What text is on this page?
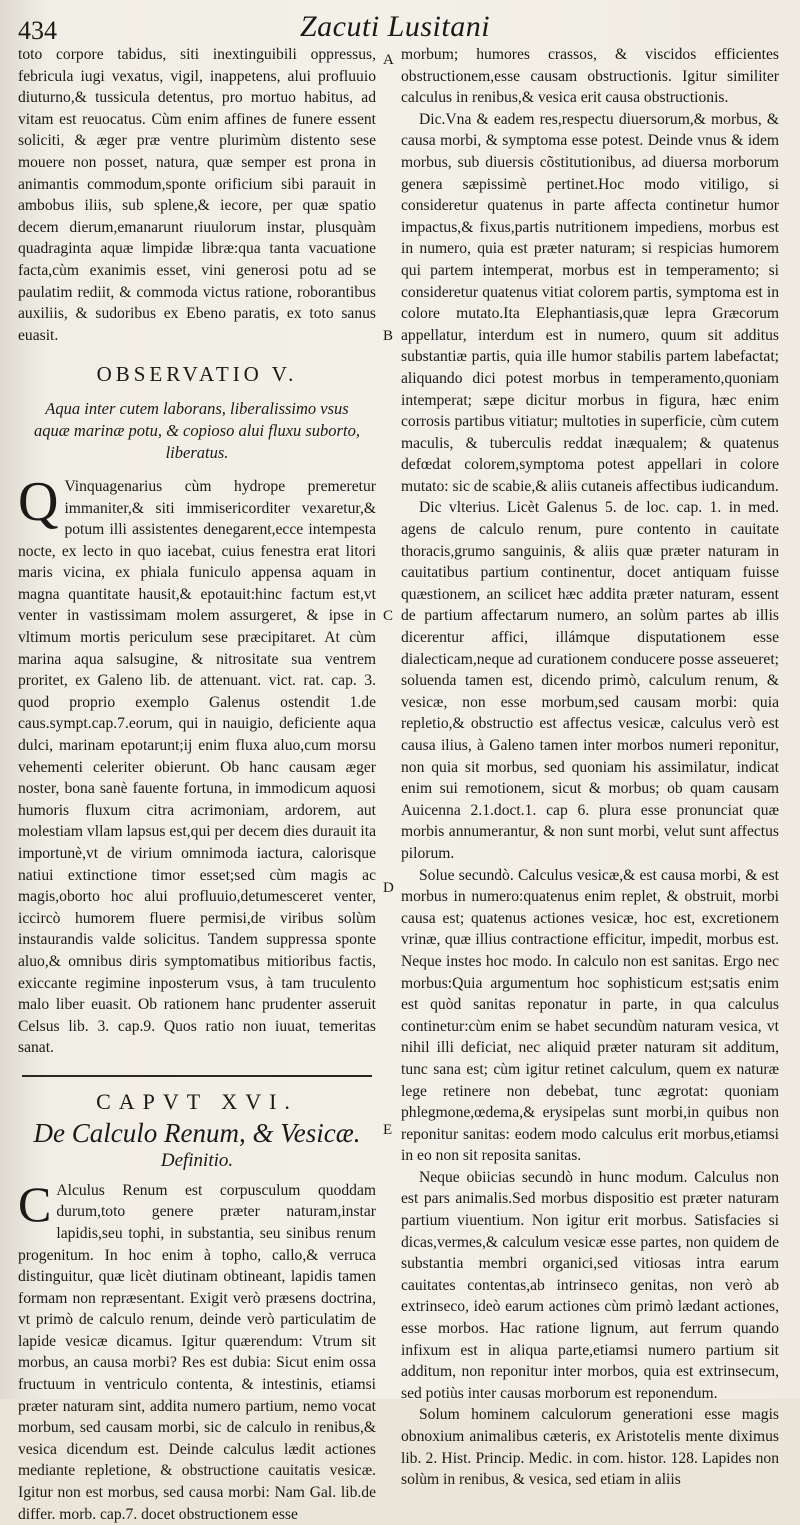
434	Zacuti Lusitani
A
B
C
D
E

toto corpore tabidus, siti inextinguibili oppressus, febricula iugi vexatus, vigil, inappetens, alui profluuio diuturno,& tussicula detentus, pro mortuo habitus, ad vitam est reuocatus. Cùm enim affines de funere essent soliciti, & æger præ ventre plurimùm distento sese mouere non posset, natura, quæ semper est prona in animantis commodum,sponte orificium sibi parauit in ambobus iliis, sub splene,& iecore, per quæ spatio decem dierum,emanarunt riuulorum instar, plusquàm quadraginta aquæ limpidæ libræ:qua tanta vacuatione facta,cùm exanimis esset, vini generosi potu ad se paulatim rediit, & commoda victus ratione, roborantibus auxiliis, & sudoribus ex Ebeno paratis, ex toto sanus euasit.

OBSERVATIO V.
Aqua inter cutem laborans, liberalissimo vsus aquæ marinæ potu, & copioso alui fluxu suborto, liberatus.

Q Vinquagenarius cùm hydrope premeretur immaniter,& siti immisericorditer vexaretur,& potum illi assistentes denegarent,ecce intempesta nocte, ex lecto in quo iacebat, cuius fenestra erat litori maris vicina, ex phiala funiculo appensa aquam in magna quantitate hausit,& epotauit:hinc factum est,vt venter in vastissimam molem assurgeret, & ipse in vltimum mortis periculum sese præcipitaret. At cùm marina aqua salsugine, & nitrositate sua ventrem proritet, ex Galeno lib. de attenuant. vict. rat. cap. 3. quod proprio exemplo Galenus ostendit 1.de caus.sympt.cap.7.eorum, qui in nauigio, deficiente aqua dulci, marinam epotarunt;ij enim fluxa aluo,cum morsu vehementi celeriter obierunt. Ob hanc causam æger noster, bona sanè fauente fortuna, in immodicum aquosi humoris fluxum citra acrimoniam, ardorem, aut molestiam vllam lapsus est,qui per decem dies durauit ita importunè,vt de virium omnimoda iactura, calorisque natiui extinctione timor esset;sed cùm magis ac magis,oborto hoc alui profluuio,detumesceret venter, iccircò humorem fluere permisi,de viribus solùm instaurandis valde solicitus. Tandem suppressa sponte aluo,& omnibus diris symptomatibus mitioribus factis, exiccante regimine inposterum vsus, à tam truculento malo liber euasit. Ob rationem hanc prudenter asseruit Celsus lib. 3. cap.9. Quos ratio non iuuat, temeritas sanat.

CAPVT XVI.
De Calculo Renum, & Vesicæ.
Definitio.

C Alculus Renum est corpusculum quoddam durum,toto genere præter naturam,instar lapidis,seu tophi, in substantia, seu sinibus renum progenitum. In hoc enim à topho, callo,& verruca distinguitur, quæ licèt diutinam obtineant, lapidis tamen formam non repræsentant. Exigit verò præsens doctrina, vt primò de calculo renum, deinde verò particulatim de lapide vesicæ dicamus. Igitur quærendum: Vtrum sit morbus, an causa morbi? Res est dubia: Sicut enim ossa fructuum in ventriculo contenta, & intestinis, etiamsi præter naturam sint, addita numero partium, nemo vocat morbum, sed causam morbi, sic de calculo in renibus,& vesica dicendum est. Deinde calculus lædit actiones mediante repletione, & obstructione cauitatis vesicæ. Igitur non est morbus, sed causa morbi: Nam Gal. lib.de differ. morb. cap.7. docet obstructionem esse

morbum; humores crassos, & viscidos efficientes obstructionem,esse causam obstructionis. Igitur similiter calculus in renibus,& vesica erit causa obstructionis.

Dic.Vna & eadem res,respectu diuersorum,& morbus, & causa morbi, & symptoma esse potest. Deinde vnus & idem morbus, sub diuersis cõstitutionibus, ad diuersa morborum genera sæpissimè pertinet.Hoc modo vitiligo, si consideretur quatenus in parte affecta continetur humor impactus,& fixus,partis nutritionem impediens, morbus est in numero, quia est præter naturam; si respicias humorem qui partem intemperat, morbus est in temperamento; si consideretur quatenus vitiat colorem partis, symptoma est in colore mutato.Ita Elephantiasis,quæ lepra Græcorum appellatur, interdum est in numero, quum sit additus substantiæ partis, quia ille humor stabilis partem labefactat; aliquando dici potest morbus in temperamento,quoniam intemperat; sæpe dicitur morbus in figura, hæc enim corrosis partibus vitiatur; multoties in superficie, cùm cutem maculis, & tuberculis reddat inæqualem; & quatenus defœdat colorem,symptoma potest appellari in colore mutato: sic de scabie,& aliis cutaneis affectibus iudicandum.

Dic vlterius. Licèt Galenus 5. de loc. cap. 1. in med. agens de calculo renum, pure contento in cauitate thoracis,grumo sanguinis, & aliis quæ præter naturam in cauitatibus partium continentur, docet antiquam fuisse quæstionem, an scilicet hæc addita præter naturam, essent de partium affectarum numero, an solùm partes ab illis dicerentur affici, illámque disputationem esse dialecticam,neque ad curationem conducere posse asseueret; soluenda tamen est, dicendo primò, calculum renum, & vesicæ, non esse morbum,sed causam morbi: quia repletio,& obstructio est affectus vesicæ, calculus verò est causa ilius, à Galeno tamen inter morbos numeri reponitur, non quia sit morbus, sed quoniam his assimilatur, indicat enim sui remotionem, sicut & morbus; ob quam causam Auicenna 2.1.doct.1. cap 6. plura esse pronunciat quæ morbis annumerantur, & non sunt morbi, velut sunt affectus pilorum.

Solue secundò. Calculus vesicæ,& est causa morbi, & est morbus in numero:quatenus enim replet, & obstruit, morbi causa est; quatenus actiones vesicæ, hoc est, excretionem vrinæ, quæ illius contractione efficitur, impedit, morbus est. Neque instes hoc modo. In calculo non est sanitas. Ergo nec morbus:Quia argumentum hoc sophisticum est;satis enim est quòd sanitas reponatur in parte, in qua calculus continetur:cùm enim se habet secundùm naturam vesica, vt nihil illi deficiat, nec aliquid præter naturam sit additum, tunc sana est; cùm igitur retinet calculum, quem ex naturæ lege retinere non debebat, tunc ægrotat: quoniam phlegmone,œdema,& erysipelas sunt morbi,in quibus non reponitur sanitas: eodem modo calculus erit morbus,etiamsi in eo non sit reposita sanitas.

Neque obiicias secundò in hunc modum. Calculus non est pars animalis.Sed morbus dispositio est præter naturam partium viuentium. Non igitur erit morbus. Satisfacies si dicas,vermes,& calculum vesicæ esse partes, non quidem de substantia membri organici,sed vitiosas intra earum cauitates contentas,ab intrinseco genitas, non verò ab extrinseco, ideò earum actiones cùm primò lædant actiones, esse morbos. Hac ratione lignum, aut ferrum quando infixum est in aliqua parte,etiamsi numero partium sit additum, non reponitur inter morbos, quia est extrinsecum, sed potiùs inter causas morborum est reponendum.

Solum hominem calculorum generationi esse magis obnoxium animalibus cæteris, ex Aristotelis mente diximus lib. 2. Hist. Princip. Medic. in com. histor. 128. Lapides non solùm in renibus, & vesica, sed etiam in aliis
